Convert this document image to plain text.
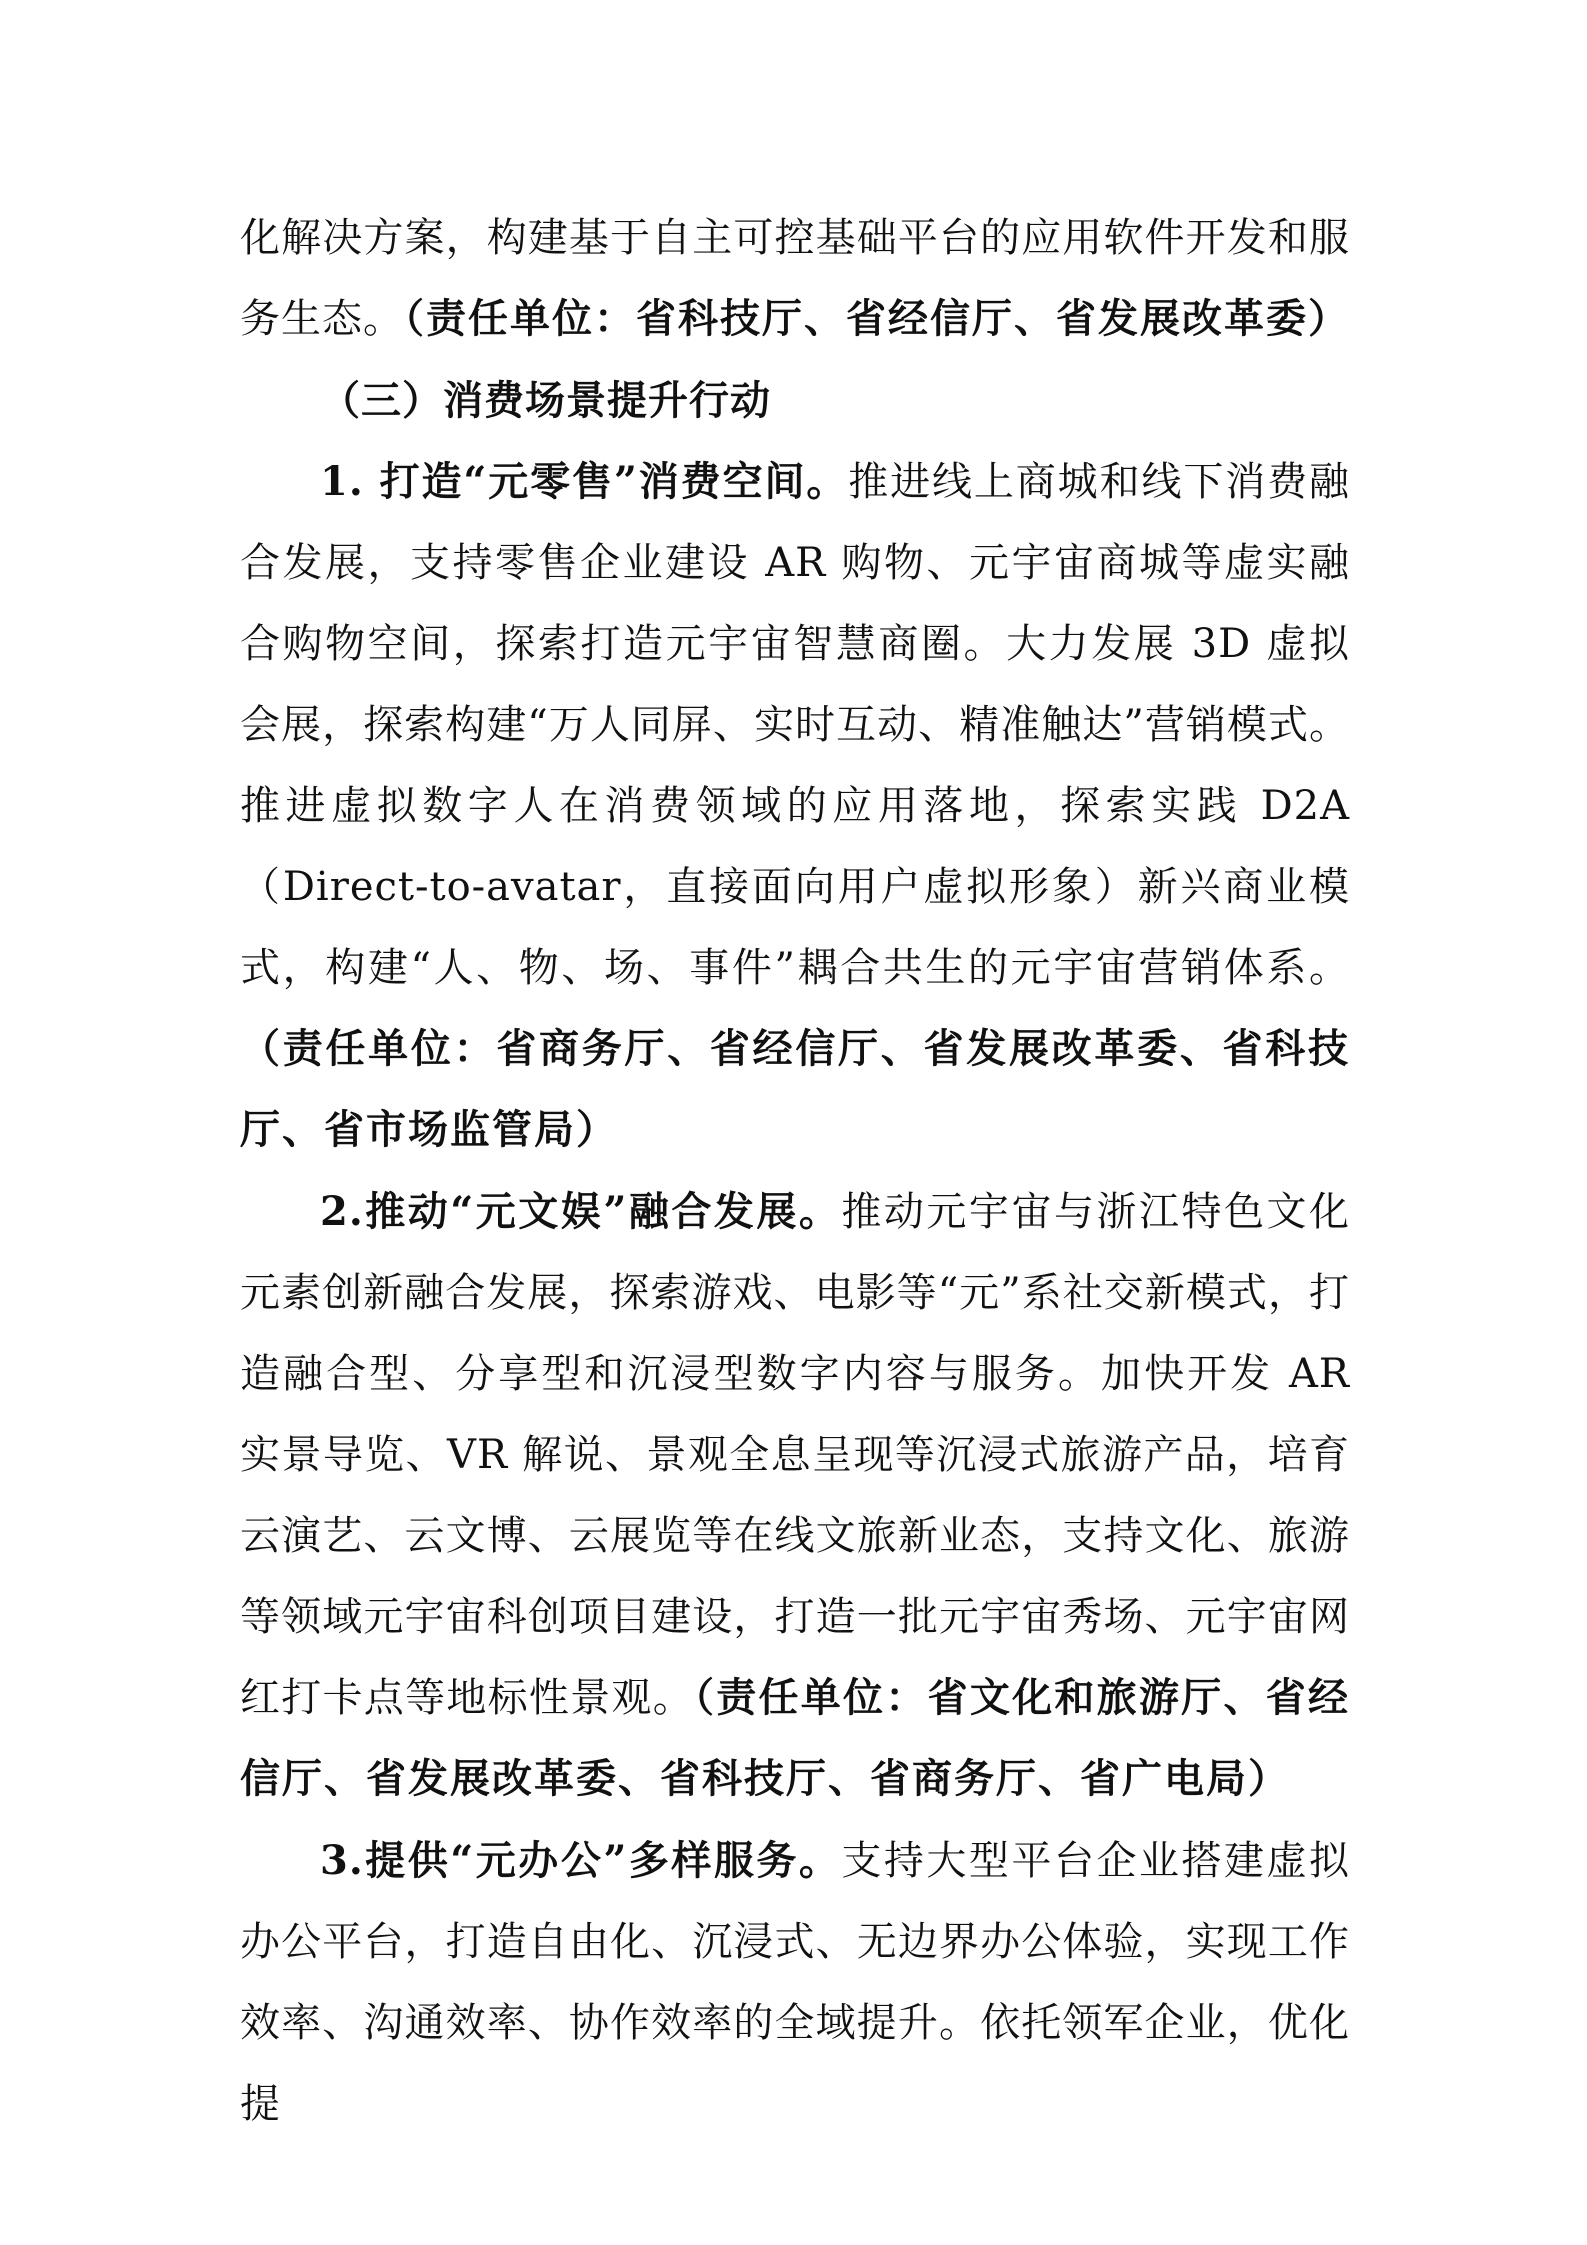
化解决方案，构建基于自主可控基础平台的应用软件开发和服务生态。（责任单位：省科技厅、省经信厅、省发展改革委）

（三）消费场景提升行动

1. 打造“元零售”消费空间。推进线上商城和线下消费融合发展，支持零售企业建设 AR 购物、元宇宙商城等虚实融合购物空间，探索打造元宇宙智慧商圈。大力发展 3D 虚拟会展，探索构建“万人同屏、实时互动、精准触达”营销模式。推进虚拟数字人在消费领域的应用落地，探索实践 D2A（Direct-to-avatar，直接面向用户虚拟形象）新兴商业模式，构建“人、物、场、事件”耦合共生的元宇宙营销体系。（责任单位：省商务厅、省经信厅、省发展改革委、省科技厅、省市场监管局）

2.推动“元文娱”融合发展。推动元宇宙与浙江特色文化元素创新融合发展，探索游戏、电影等“元”系社交新模式，打造融合型、分享型和沉浸型数字内容与服务。加快开发 AR 实景导览、VR 解说、景观全息呈现等沉浸式旅游产品，培育云演艺、云文博、云展览等在线文旅新业态，支持文化、旅游等领域元宇宙科创项目建设，打造一批元宇宙秀场、元宇宙网红打卡点等地标性景观。（责任单位：省文化和旅游厅、省经信厅、省发展改革委、省科技厅、省商务厅、省广电局）

3.提供“元办公”多样服务。支持大型平台企业搭建虚拟办公平台，打造自由化、沉浸式、无边界办公体验，实现工作效率、沟通效率、协作效率的全域提升。依托领军企业，优化提
